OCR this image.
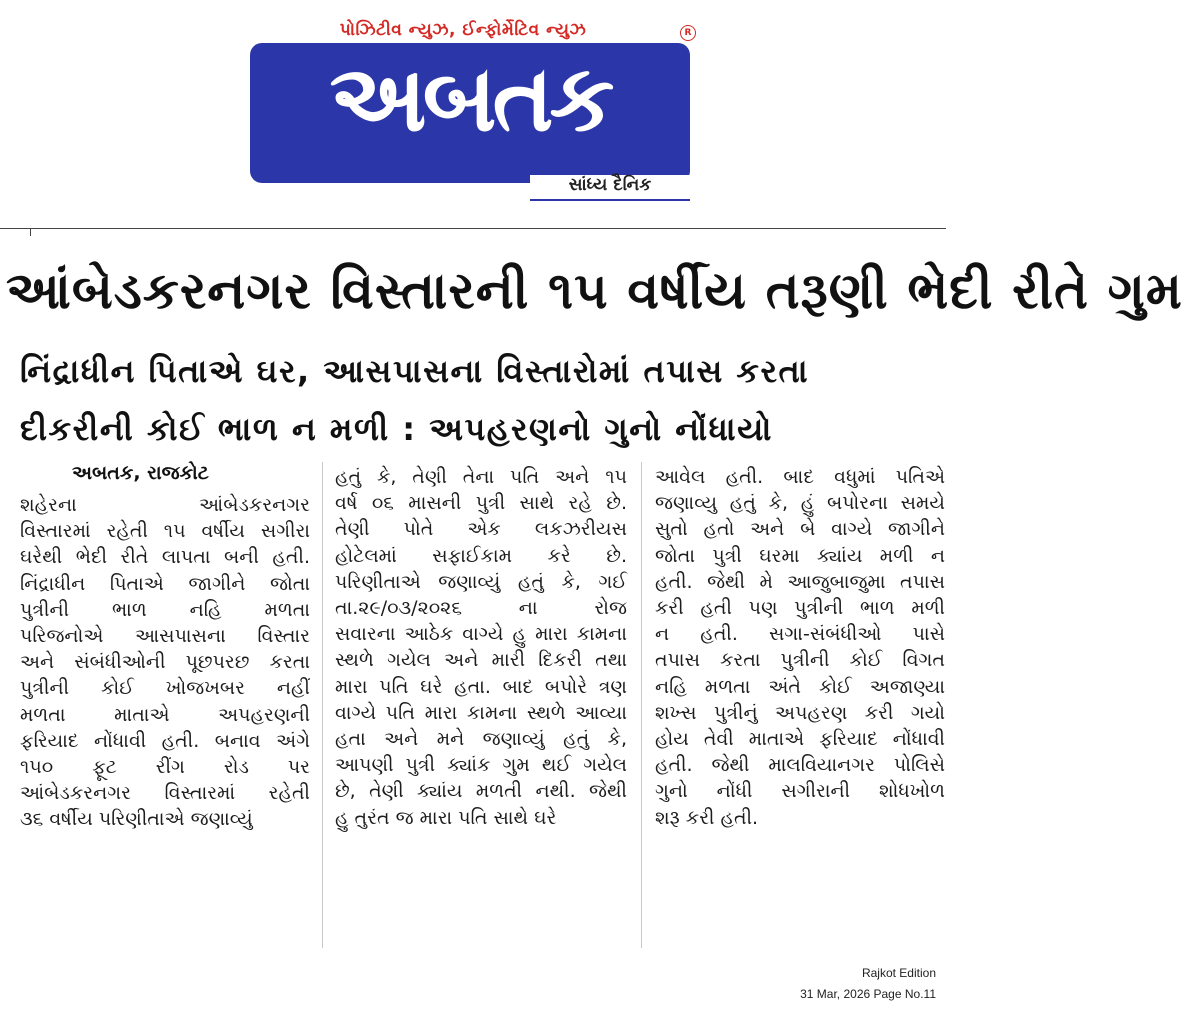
પોઝિટીવ ન્યુઝ, ઈન્ફોર્મેટિવ ન્યુઝ	R
અબતક
સાંધ્ય દૈનિક
આંબેડકરનગર વિસ્તારની ૧૫ વર્ષીય તરૂણી ભેદી રીતે ગુમ
નિંદ્રાધીન પિતાએ ઘર, આસપાસના વિસ્તારોમાં તપાસ કરતા
દીકરીની કોઈ ભાળ ન મળી : અપહરણનો ગુનો નોંધાયો
અબતક, રાજકોટ
શહેરના આંબેડકરનગર
વિસ્તારમાં રહેતી ૧૫ વર્ષીય સગીરા
ઘરેથી ભેદી રીતે લાપતા બની હતી.
નિંદ્રાધીન પિતાએ જાગીને જોતા
પુત્રીની ભાળ નહિ મળતા
પરિજનોએ આસપાસના વિસ્તાર
અને સંબંધીઓની પૂછપરછ કરતા
પુત્રીની કોઈ ખોજખબર નહીં
મળતા માતાએ અપહરણની
ફરિયાદ નોંધાવી હતી. બનાવ અંગે
૧૫૦ ફૂટ રીંગ રોડ પર
આંબેડકરનગર વિસ્તારમાં રહેતી
૩૬ વર્ષીય પરિણીતાએ જણાવ્યું
હતું કે, તેણી તેના પતિ અને ૧૫
વર્ષ ૦૬ માસની પુત્રી સાથે રહે છે.
તેણી પોતે એક લકઝરીયસ
હોટેલમાં સફાઈકામ કરે છે.
પરિણીતાએ જણાવ્યું હતું કે, ગઈ
તા.૨૯/૦૩/૨૦૨૬ ના રોજ
સવારના આઠેક વાગ્યે હુ મારા કામના
સ્થળે ગયેલ અને મારી દિકરી તથા
મારા પતિ ઘરે હતા. બાદ બપોરે ત્રણ
વાગ્યે પતિ મારા કામના સ્થળે આવ્યા
હતા અને મને જણાવ્યું હતું કે,
આપણી પુત્રી ક્યાંક ગુમ થઈ ગયેલ
છે, તેણી ક્યાંય મળતી નથી. જેથી
હુ તુરંત જ મારા પતિ સાથે ઘરે
આવેલ હતી. બાદ વધુમાં પતિએ
જણાવ્યુ હતું કે, હું બપોરના સમયે
સુતો હતો અને બે વાગ્યે જાગીને
જોતા પુત્રી ઘરમા ક્યાંય મળી ન
હતી. જેથી મે આજુબાજુમા તપાસ
કરી હતી પણ પુત્રીની ભાળ મળી
ન હતી. સગા-સંબંધીઓ પાસે
તપાસ કરતા પુત્રીની કોઈ વિગત
નહિ મળતા અંતે કોઈ અજાણ્યા
શખ્સ પુત્રીનું અપહરણ કરી ગયો
હોય તેવી માતાએ ફરિયાદ નોંધાવી
હતી. જેથી માલવિયાનગર પોલિસે
ગુનો નોંધી સગીરાની શોધખોળ
શરૂ કરી હતી.
Rajkot Edition
31 Mar, 2026 Page No.11
